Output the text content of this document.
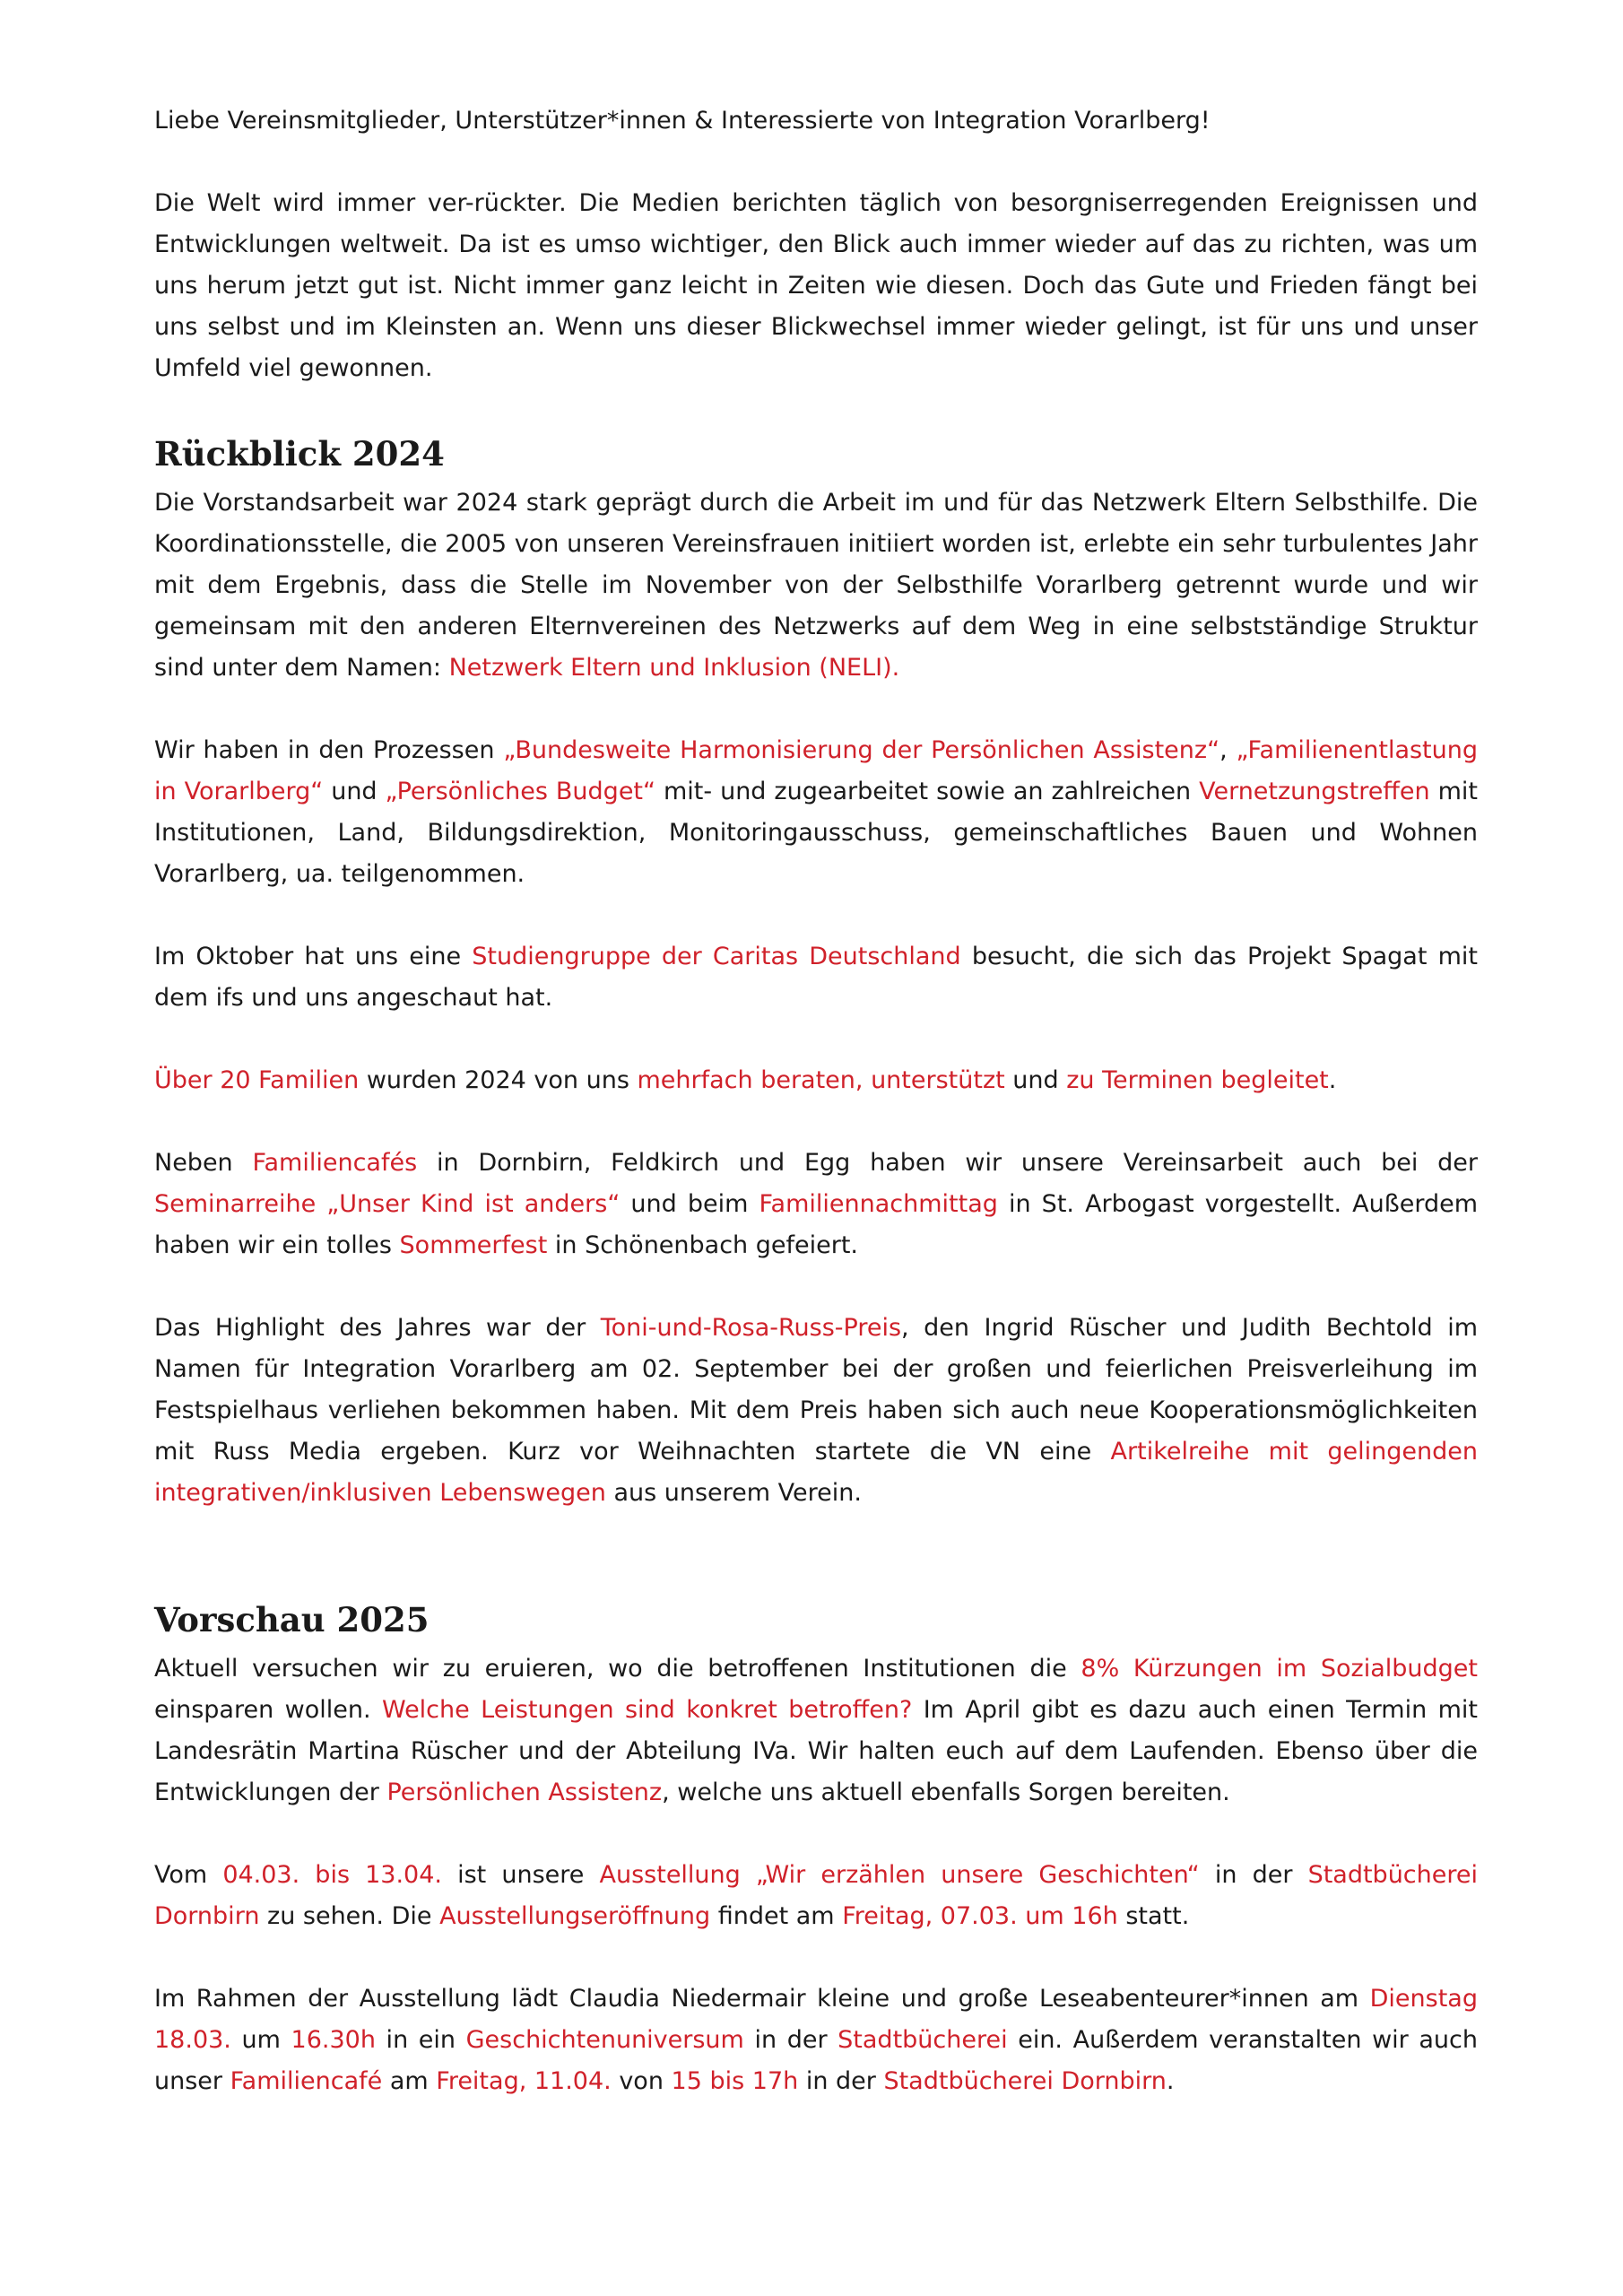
Liebe Vereinsmitglieder, Unterstützer*innen & Interessierte von Integration Vorarlberg!

Die Welt wird immer ver-rückter. Die Medien berichten täglich von besorgniserregenden Ereignissen und Entwicklungen weltweit. Da ist es umso wichtiger, den Blick auch immer wieder auf das zu richten, was um uns herum jetzt gut ist. Nicht immer ganz leicht in Zeiten wie diesen. Doch das Gute und Frieden fängt bei uns selbst und im Kleinsten an. Wenn uns dieser Blickwechsel immer wieder gelingt, ist für uns und unser Umfeld viel gewonnen.

Rückblick 2024

Die Vorstandsarbeit war 2024 stark geprägt durch die Arbeit im und für das Netzwerk Eltern Selbsthilfe. Die Koordinationsstelle, die 2005 von unseren Vereinsfrauen initiiert worden ist, erlebte ein sehr turbulentes Jahr mit dem Ergebnis, dass die Stelle im November von der Selbsthilfe Vorarlberg getrennt wurde und wir gemeinsam mit den anderen Elternvereinen des Netzwerks auf dem Weg in eine selbstständige Struktur sind unter dem Namen: Netzwerk Eltern und Inklusion (NELI).

Wir haben in den Prozessen „Bundesweite Harmonisierung der Persönlichen Assistenz“, „Familienentlastung in Vorarlberg“ und „Persönliches Budget“ mit- und zugearbeitet sowie an zahlreichen Vernetzungstreffen mit Institutionen, Land, Bildungsdirektion, Monitoringausschuss, gemeinschaftliches Bauen und Wohnen Vorarlberg, ua. teilgenommen.

Im Oktober hat uns eine Studiengruppe der Caritas Deutschland besucht, die sich das Projekt Spagat mit dem ifs und uns angeschaut hat.

Über 20 Familien wurden 2024 von uns mehrfach beraten, unterstützt und zu Terminen begleitet.

Neben Familiencafés in Dornbirn, Feldkirch und Egg haben wir unsere Vereinsarbeit auch bei der Seminarreihe „Unser Kind ist anders“ und beim Familiennachmittag in St. Arbogast vorgestellt. Außerdem haben wir ein tolles Sommerfest in Schönenbach gefeiert.

Das Highlight des Jahres war der Toni-und-Rosa-Russ-Preis, den Ingrid Rüscher und Judith Bechtold im Namen für Integration Vorarlberg am 02. September bei der großen und feierlichen Preisverleihung im Festspielhaus verliehen bekommen haben. Mit dem Preis haben sich auch neue Kooperationsmöglichkeiten mit Russ Media ergeben. Kurz vor Weihnachten startete die VN eine Artikelreihe mit gelingenden integrativen/inklusiven Lebenswegen aus unserem Verein.

Vorschau 2025

Aktuell versuchen wir zu eruieren, wo die betroffenen Institutionen die 8% Kürzungen im Sozialbudget einsparen wollen. Welche Leistungen sind konkret betroffen? Im April gibt es dazu auch einen Termin mit Landesrätin Martina Rüscher und der Abteilung IVa. Wir halten euch auf dem Laufenden. Ebenso über die Entwicklungen der Persönlichen Assistenz, welche uns aktuell ebenfalls Sorgen bereiten.

Vom 04.03. bis 13.04. ist unsere Ausstellung „Wir erzählen unsere Geschichten“ in der Stadtbücherei Dornbirn zu sehen. Die Ausstellungseröffnung findet am Freitag, 07.03. um 16h statt.

Im Rahmen der Ausstellung lädt Claudia Niedermair kleine und große Leseabenteurer*innen am Dienstag 18.03. um 16.30h in ein Geschichtenuniversum in der Stadtbücherei ein. Außerdem veranstalten wir auch unser Familiencafé am Freitag, 11.04. von 15 bis 17h in der Stadtbücherei Dornbirn.
